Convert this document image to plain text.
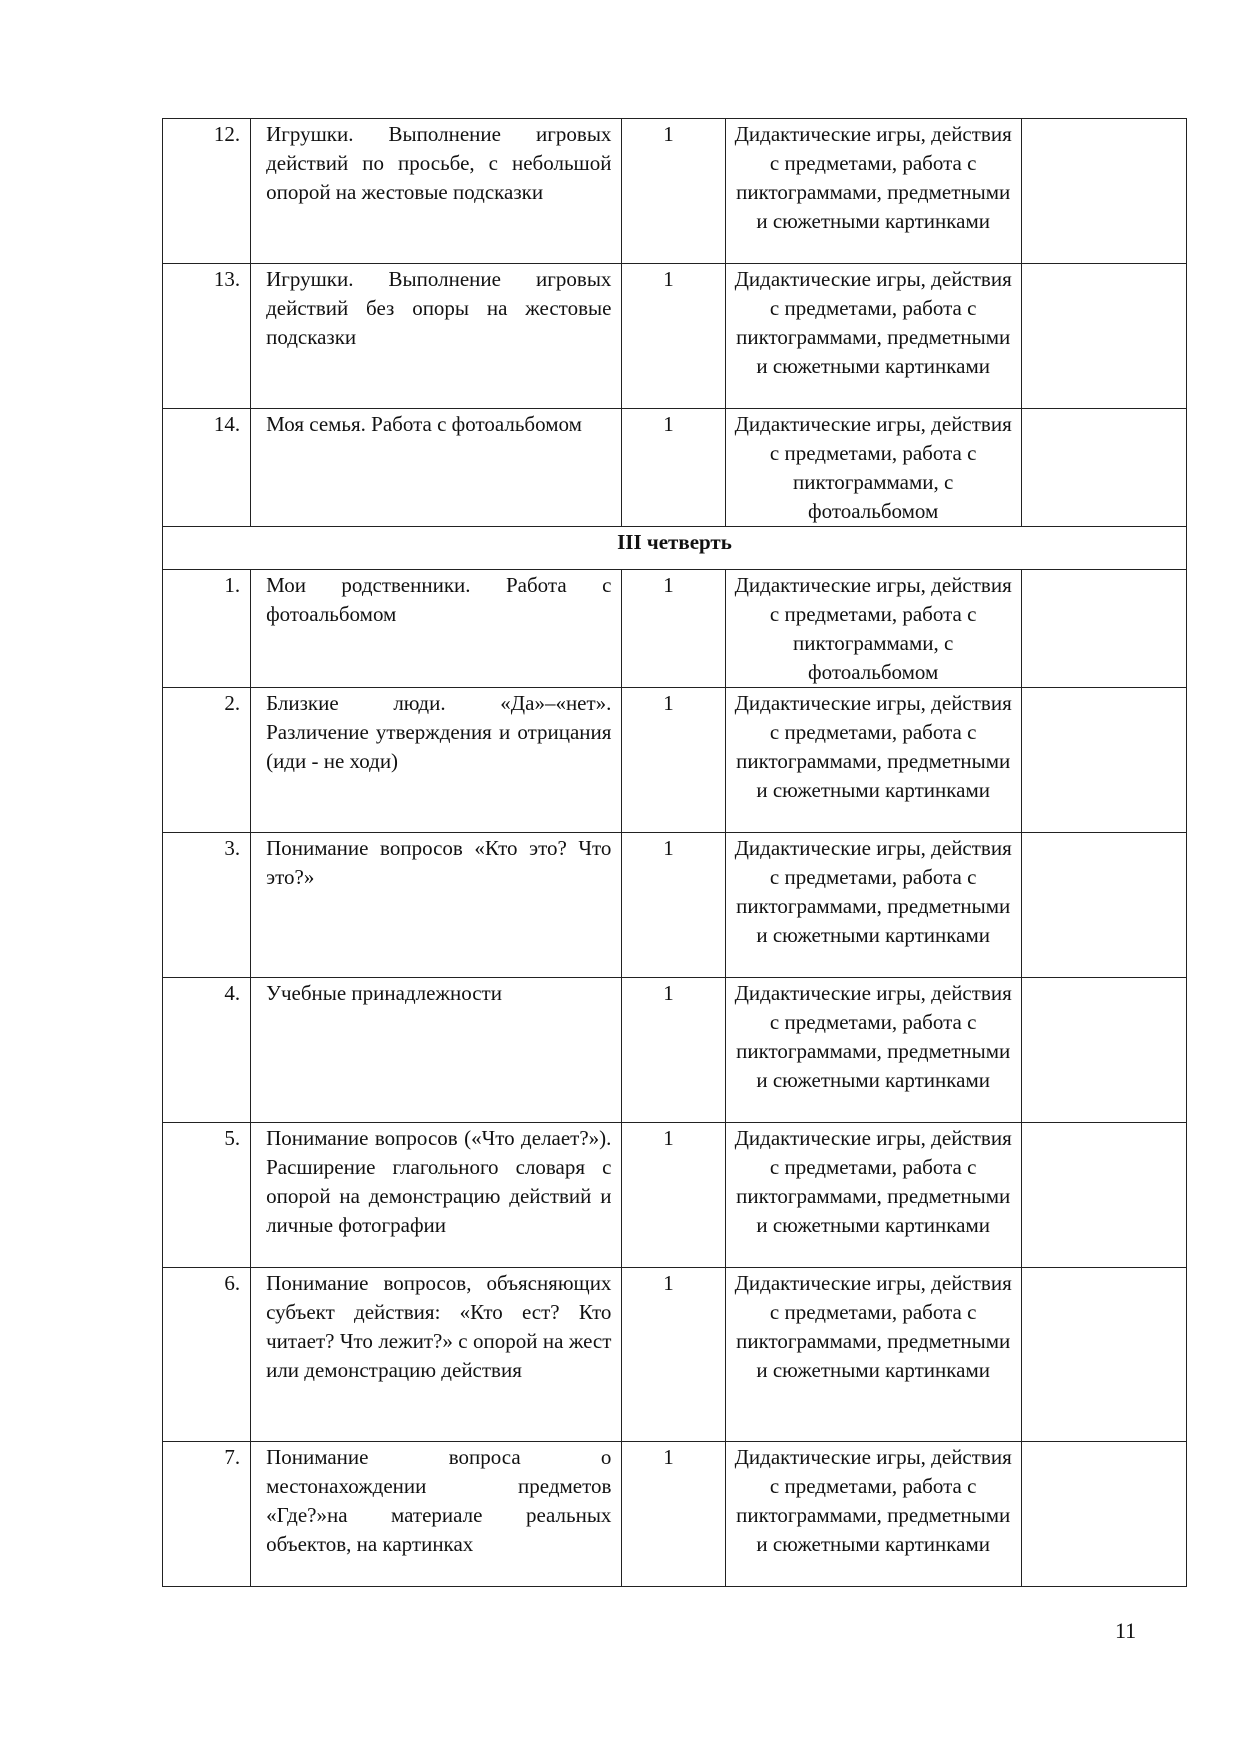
12.	Игрушки. Выполнение игровых действий по просьбе, с небольшой опорой на жестовые подсказки	1	Дидактические игры, действия с предметами, работа с пиктограммами, предметными и сюжетными картинками	
13.	Игрушки. Выполнение игровых действий без опоры на жестовые подсказки	1	Дидактические игры, действия с предметами, работа с пиктограммами, предметными и сюжетными картинками	
14.	Моя семья. Работа с фотоальбомом	1	Дидактические игры, действия с предметами, работа с пиктограммами, с фотоальбомом	
III четверть				
1.	Мои родственники. Работа с фотоальбомом	1	Дидактические игры, действия с предметами, работа с пиктограммами, с фотоальбомом	
2.	Близкие люди. «Да»–«нет». Различение утверждения и отрицания (иди - не ходи)	1	Дидактические игры, действия с предметами, работа с пиктограммами, предметными и сюжетными картинками	
3.	Понимание вопросов «Кто это? Что это?»	1	Дидактические игры, действия с предметами, работа с пиктограммами, предметными и сюжетными картинками	
4.	Учебные принадлежности	1	Дидактические игры, действия с предметами, работа с пиктограммами, предметными и сюжетными картинками	
5.	Понимание вопросов («Что делает?»). Расширение глагольного словаря с опорой на демонстрацию действий и личные фотографии	1	Дидактические игры, действия с предметами, работа с пиктограммами, предметными и сюжетными картинками	
6.	Понимание вопросов, объясняющих субъект действия: «Кто ест? Кто читает? Что лежит?» с опорой на жест или демонстрацию действия	1	Дидактические игры, действия с предметами, работа с пиктограммами, предметными и сюжетными картинками	
7.	Понимание вопроса о местонахождении предметов «Где?»на материале реальных объектов, на картинках	1	Дидактические игры, действия с предметами, работа с пиктограммами, предметными и сюжетными картинками	
11
